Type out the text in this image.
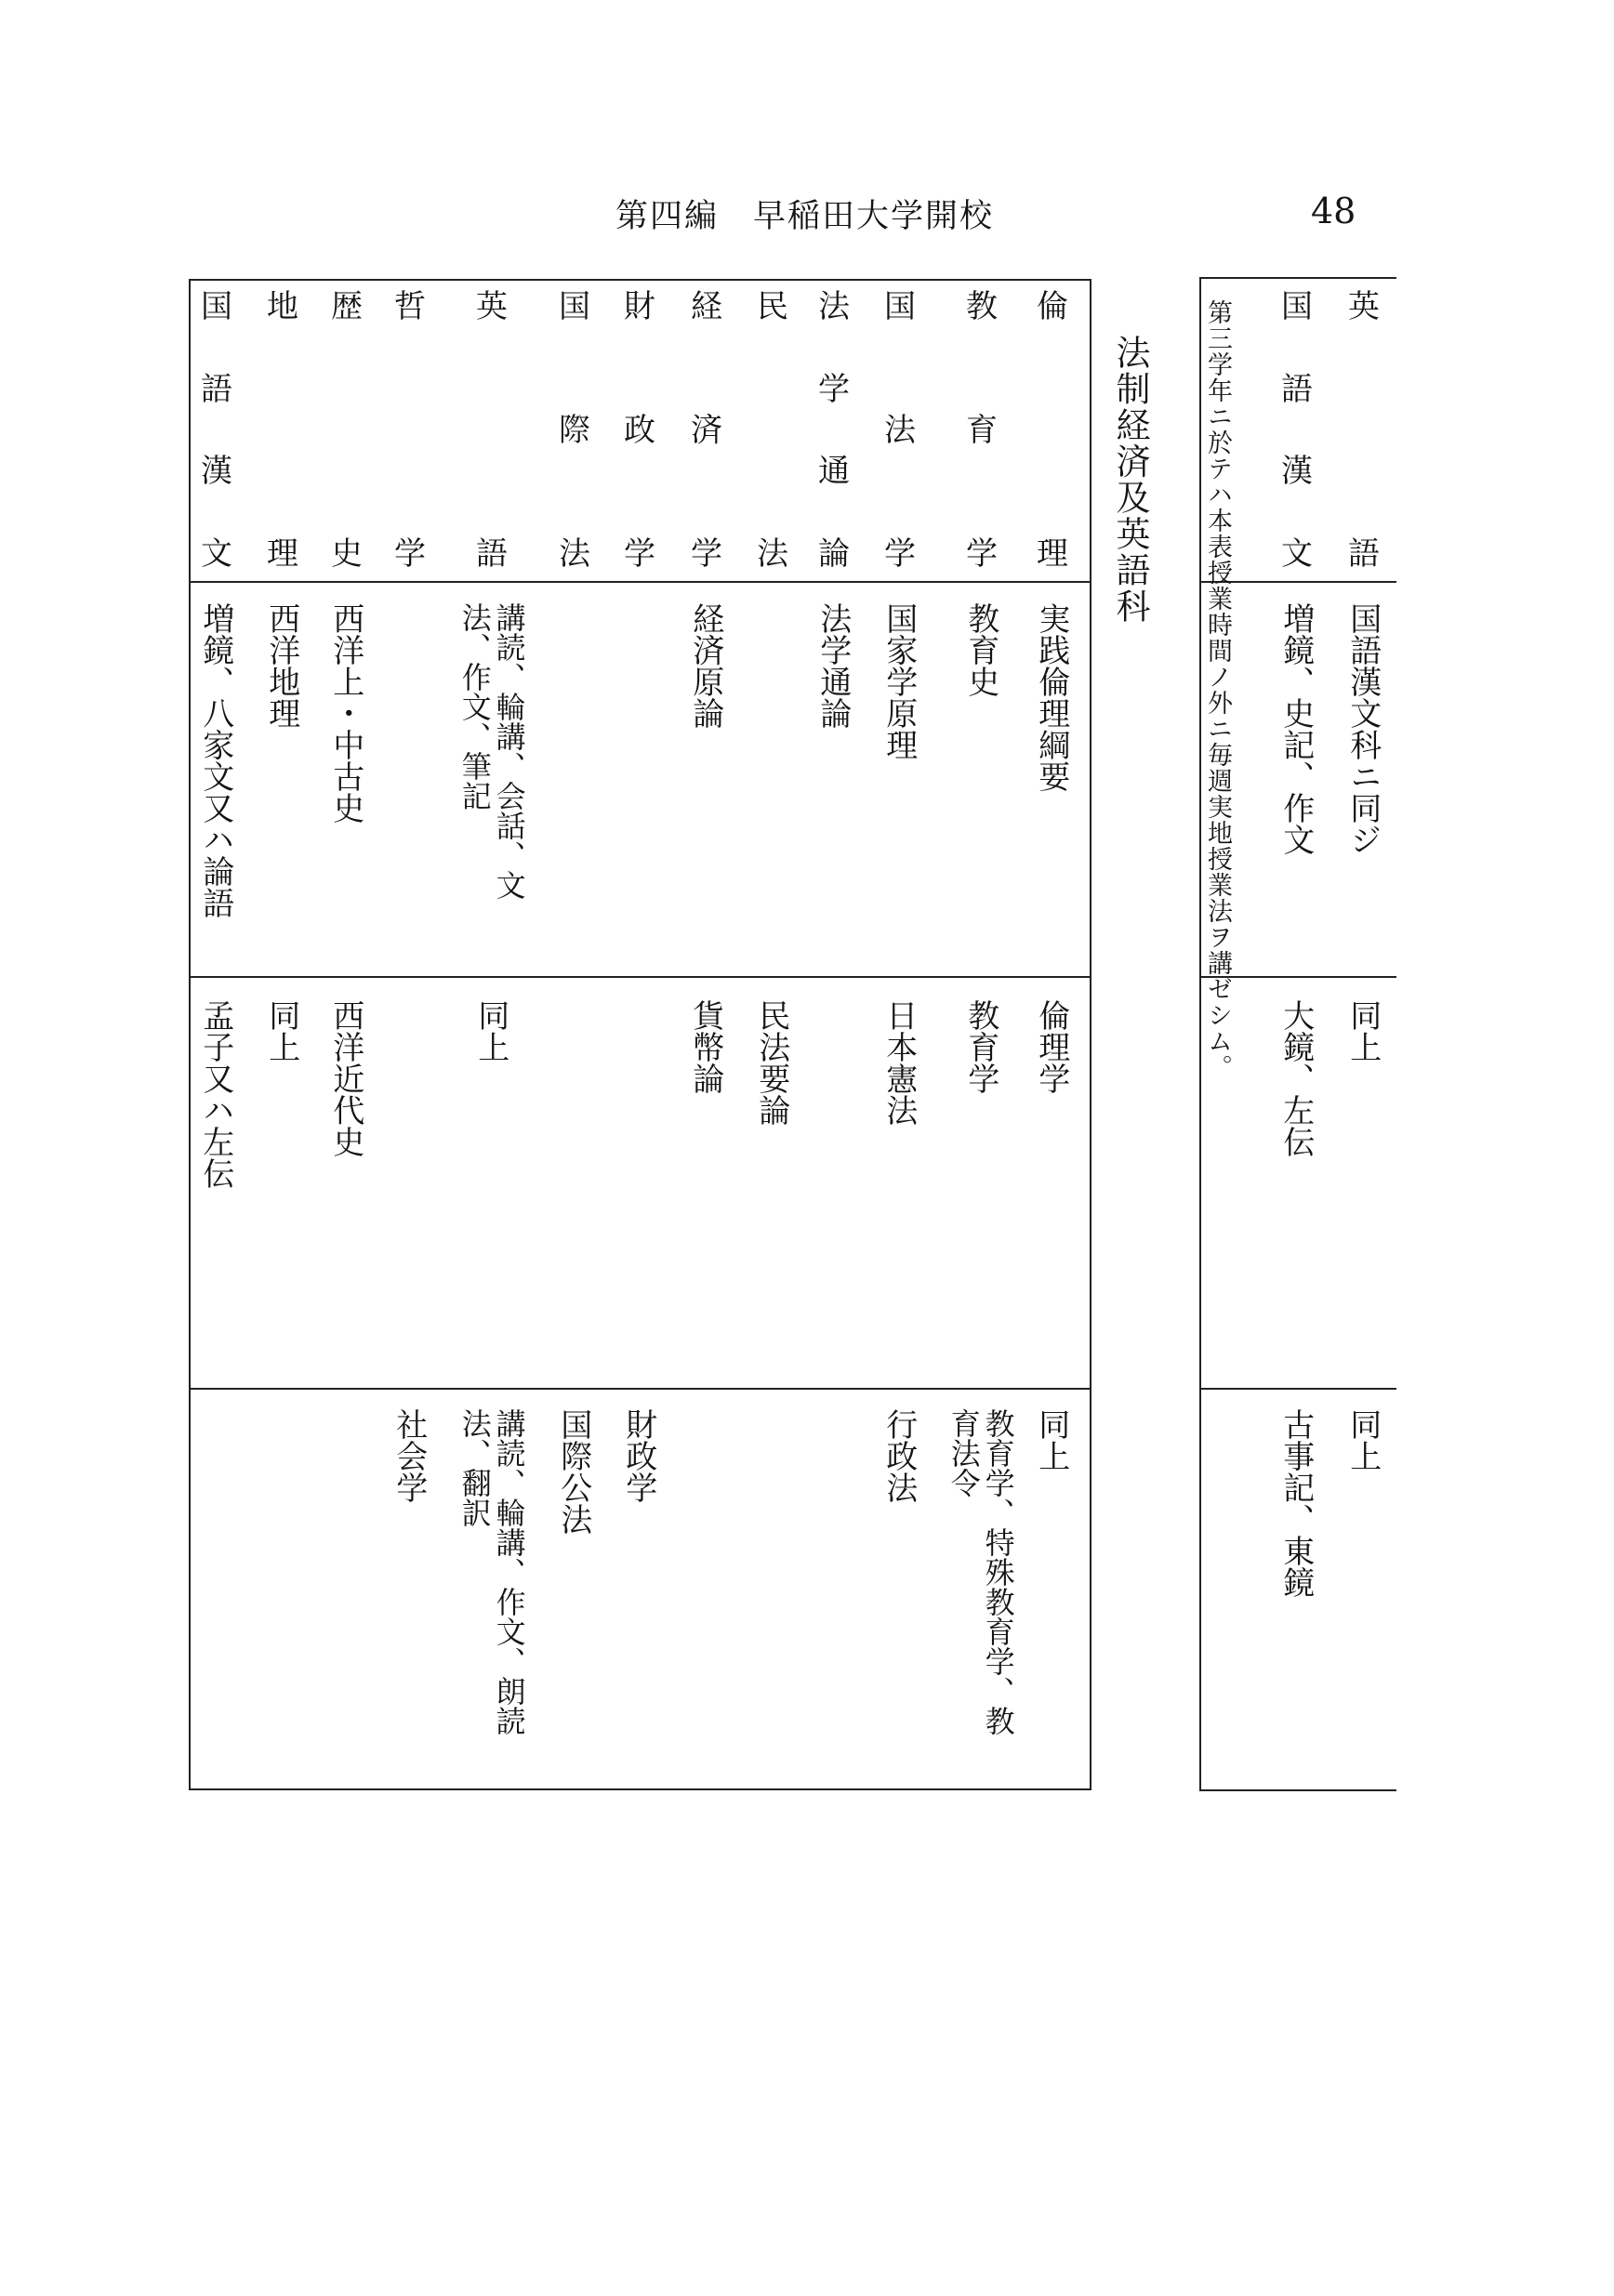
第四編　早稲田大学開校	48
法制経済及英語科 第三学年ニ於テハ本表授業時間ノ外ニ毎週実地授業法ヲ講ゼシム。	英
語
国
語
漢
文
国語漢文科ニ同ジ
同上
同上
増鏡、史記、作文
大鏡、左伝
古事記、東鏡
倫
理
教
育
学
国
法
学
法
学
通
論
民
法
経
済
学
財
政
学
国
際
法
英
語
哲
学
歴
史
地
理
国
語
漢
文
実践倫理綱要
教育史
国家学原理
法学通論
経済原論
講読、輪講、会話、文法、作文、筆記
西洋上・中古史
西洋地理
増鏡、八家文又ハ論語
倫理学
教育学
日本憲法
民法要論
貨幣論
同上
西洋近代史
同上
孟子又ハ左伝
同上
教育学、特殊教育学、教育法令
行政法
財政学
国際公法
講読、輪講、作文、朗読法、翻訳
社会学
